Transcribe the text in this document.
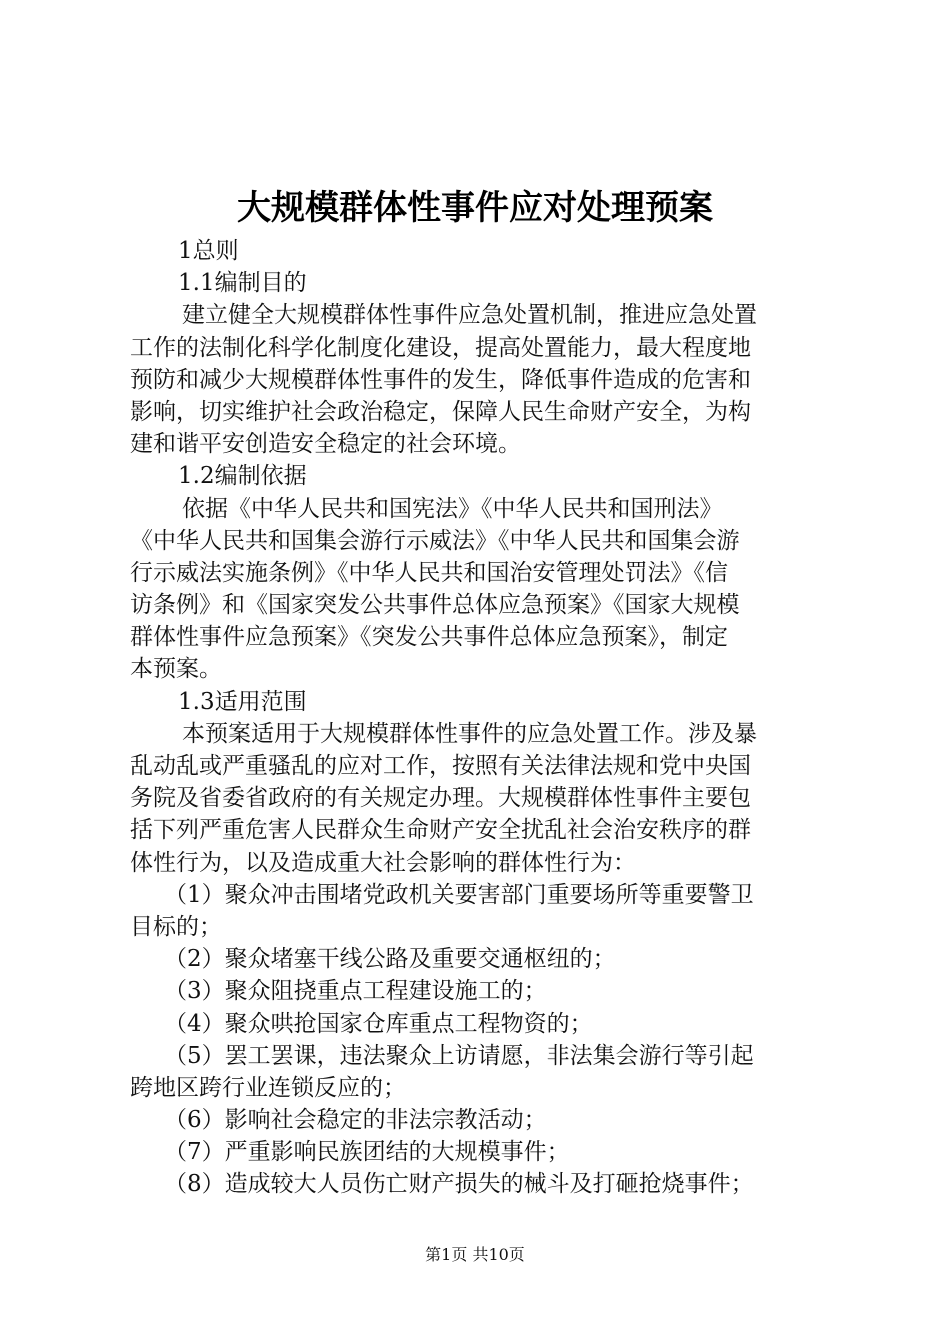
大规模群体性事件应对处理预案
1总则
1.1编制目的
建立健全大规模群体性事件应急处置机制，推进应急处置
工作的法制化科学化制度化建设，提高处置能力，最大程度地
预防和减少大规模群体性事件的发生，降低事件造成的危害和
影响，切实维护社会政治稳定，保障人民生命财产安全，为构
建和谐平安创造安全稳定的社会环境。
1.2编制依据
依据《中华人民共和国宪法》《中华人民共和国刑法》
《中华人民共和国集会游行示威法》《中华人民共和国集会游
行示威法实施条例》《中华人民共和国治安管理处罚法》《信
访条例》和《国家突发公共事件总体应急预案》《国家大规模
群体性事件应急预案》《突发公共事件总体应急预案》，制定
本预案。
1.3适用范围
本预案适用于大规模群体性事件的应急处置工作。涉及暴
乱动乱或严重骚乱的应对工作，按照有关法律法规和党中央国
务院及省委省政府的有关规定办理。大规模群体性事件主要包
括下列严重危害人民群众生命财产安全扰乱社会治安秩序的群
体性行为，以及造成重大社会影响的群体性行为：
（1）聚众冲击围堵党政机关要害部门重要场所等重要警卫
目标的；
（2）聚众堵塞干线公路及重要交通枢纽的；
（3）聚众阻挠重点工程建设施工的；
（4）聚众哄抢国家仓库重点工程物资的；
（5）罢工罢课，违法聚众上访请愿，非法集会游行等引起
跨地区跨行业连锁反应的；
（6）影响社会稳定的非法宗教活动；
（7）严重影响民族团结的大规模事件；
（8）造成较大人员伤亡财产损失的械斗及打砸抢烧事件；
第1页 共10页
